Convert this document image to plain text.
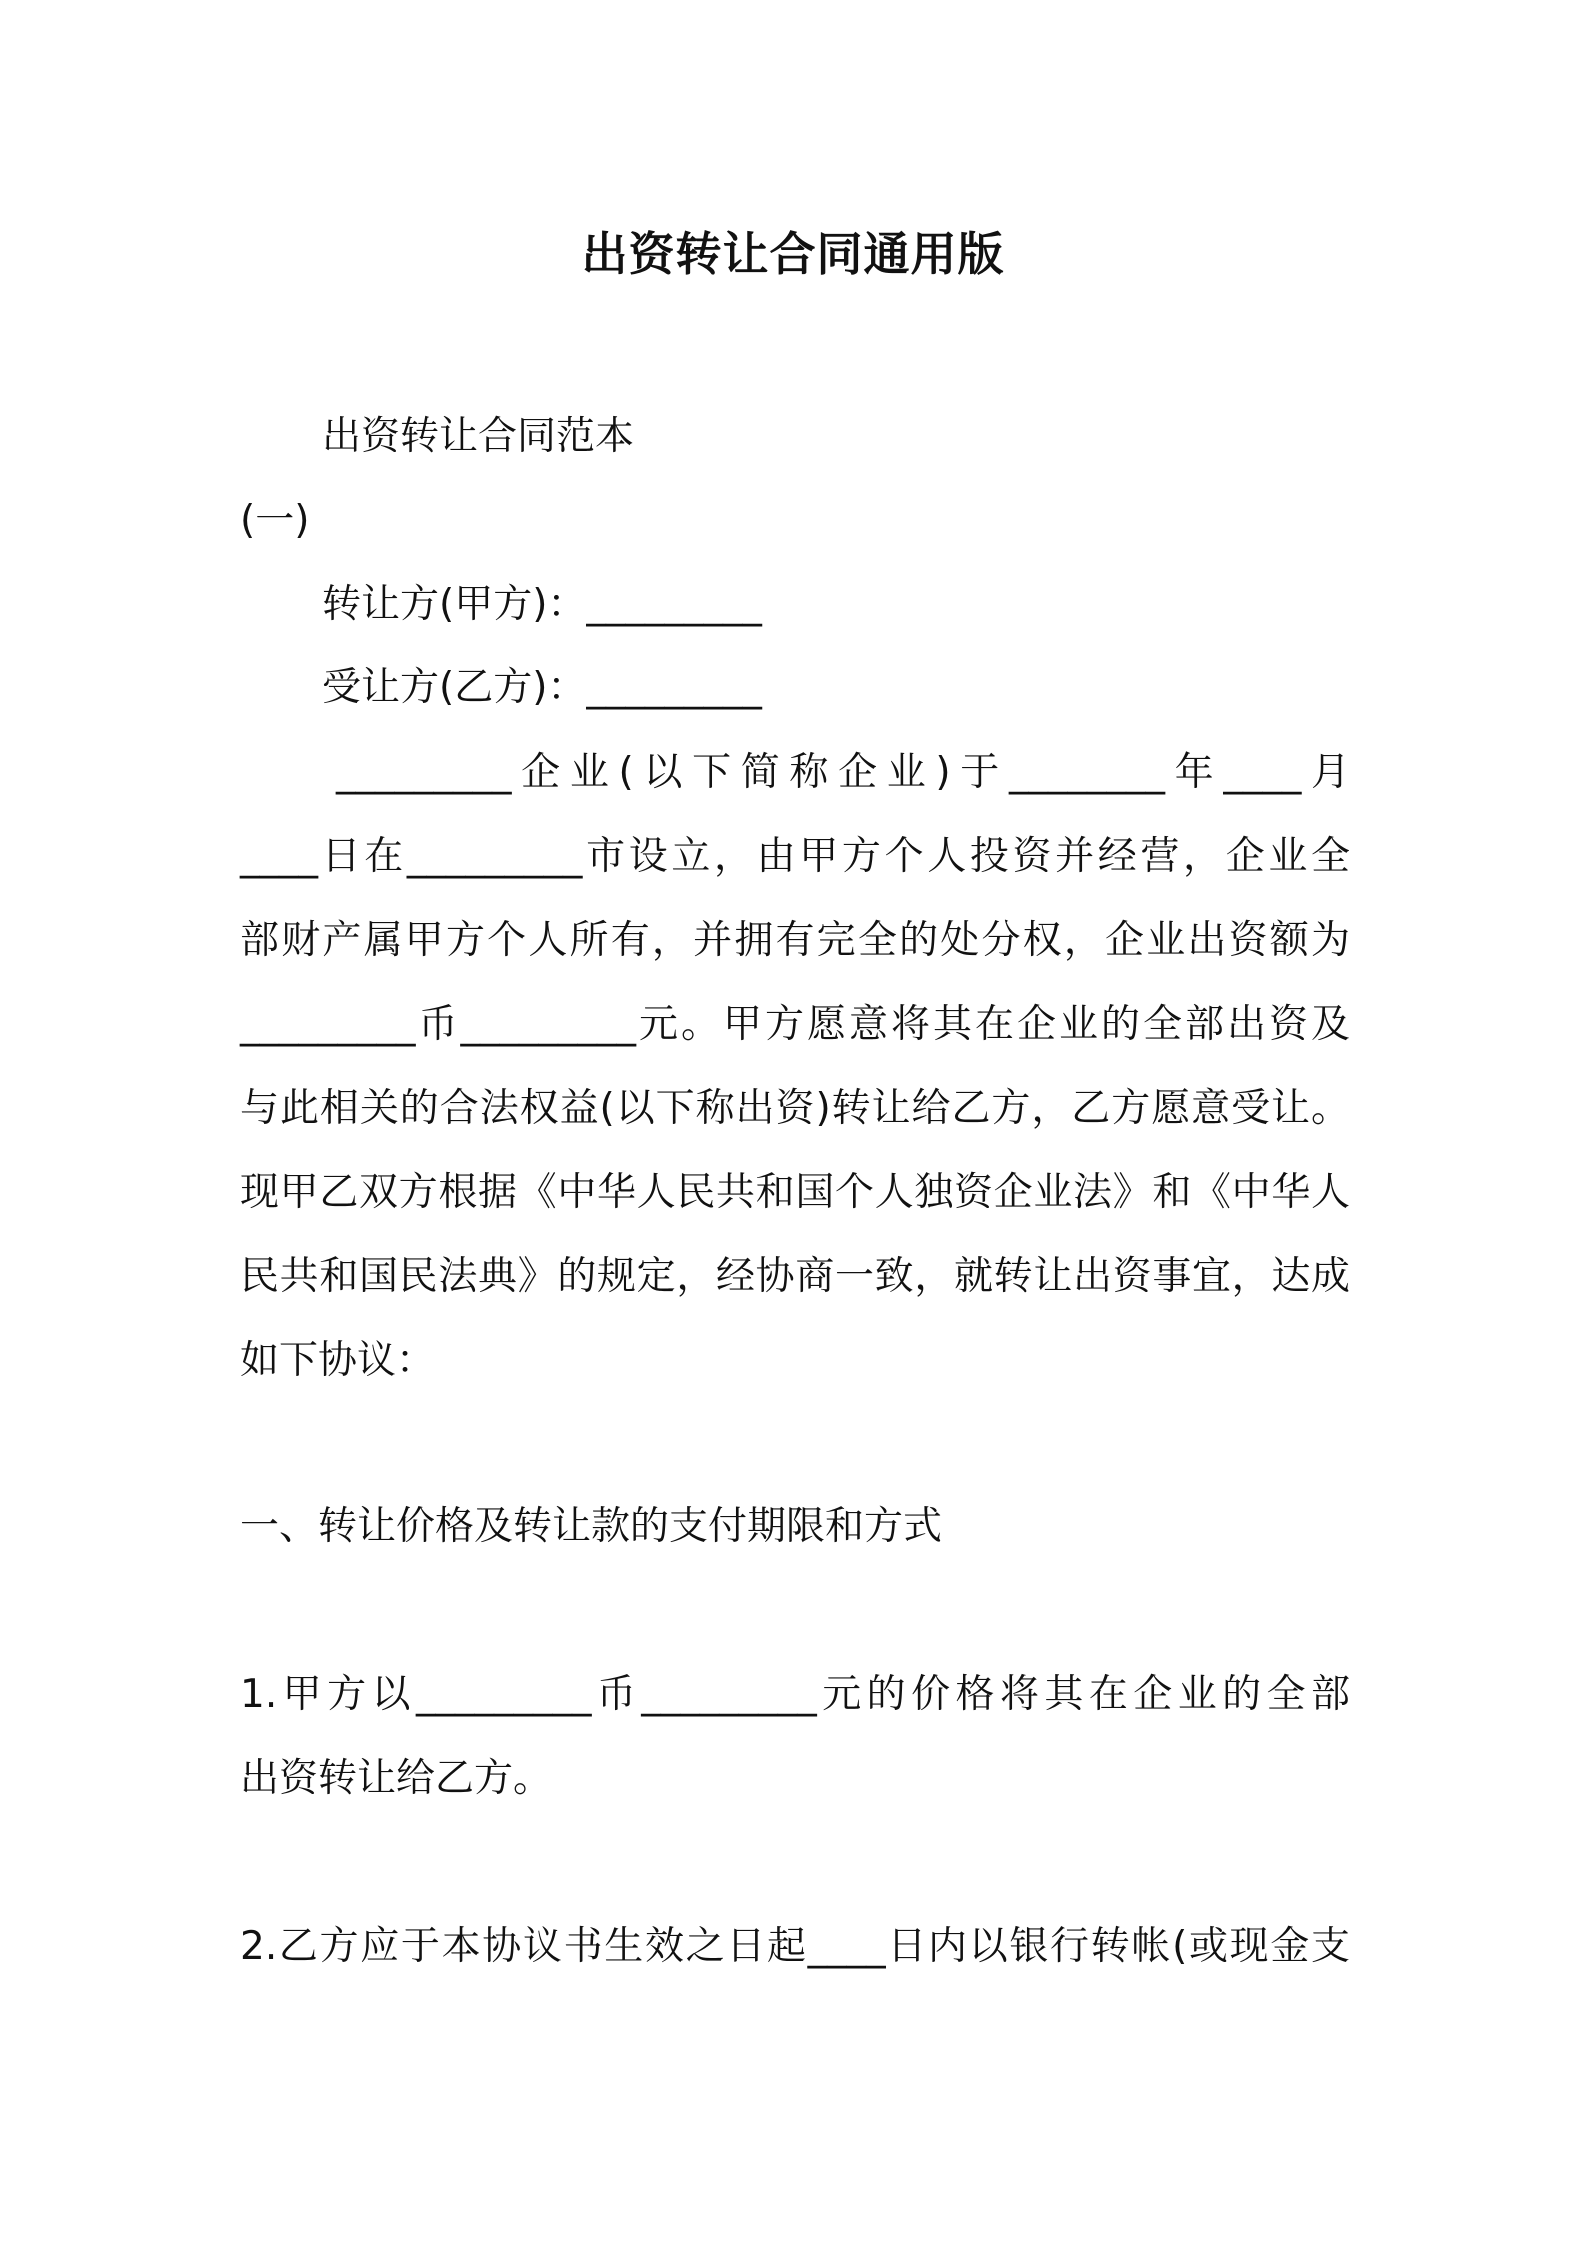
出资转让合同通用版
出资转让合同范本
(一)
转让方(甲方)：_________
受让方(乙方)：_________
_________企业(以下简称企业)于________年____月
____日在_________市设立，由甲方个人投资并经营，企业全
部财产属甲方个人所有，并拥有完全的处分权，企业出资额为
_________币_________元。甲方愿意将其在企业的全部出资及
与此相关的合法权益(以下称出资)转让给乙方，乙方愿意受让。
现甲乙双方根据《中华人民共和国个人独资企业法》和《中华人
民共和国民法典》的规定，经协商一致，就转让出资事宜，达成
如下协议：
一、转让价格及转让款的支付期限和方式
1.甲方以_________币_________元的价格将其在企业的全部
出资转让给乙方。
2.乙方应于本协议书生效之日起____日内以银行转帐(或现金支
